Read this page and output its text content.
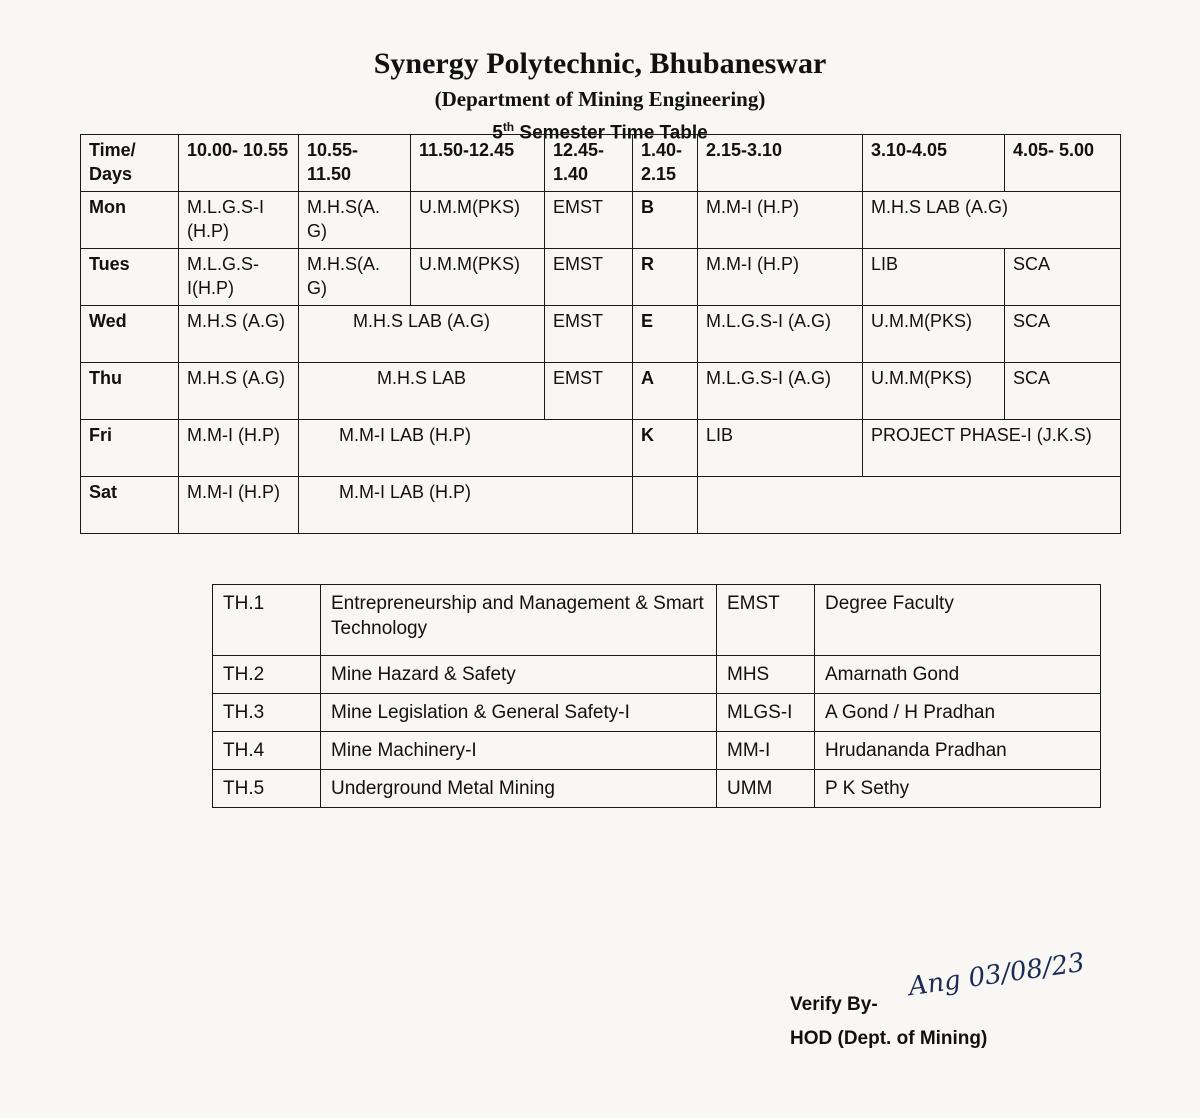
Synergy Polytechnic, Bhubaneswar
(Department of Mining Engineering)
5th Semester Time Table
Time/ Days	10.00- 10.55	10.55- 11.50	11.50-12.45	12.45- 1.40	1.40- 2.15	2.15-3.10	3.10-4.05	4.05- 5.00
Mon	M.L.G.S-I (H.P)	M.H.S(A. G)	U.M.M(PKS)	EMST	B	M.M-I (H.P)	M.H.S LAB (A.G)	
Tues	M.L.G.S- I(H.P)	M.H.S(A. G)	U.M.M(PKS)	EMST	R	M.M-I (H.P)	LIB	SCA
Wed	M.H.S (A.G)	M.H.S LAB (A.G)		EMST	E	M.L.G.S-I (A.G)	U.M.M(PKS)	SCA
Thu	M.H.S (A.G)	M.H.S LAB		EMST	A	M.L.G.S-I (A.G)	U.M.M(PKS)	SCA
Fri	M.M-I (H.P)	M.M-I LAB (H.P)			K	LIB	PROJECT PHASE-I (J.K.S)	
Sat	M.M-I (H.P)	M.M-I LAB (H.P)						
TH.1	Entrepreneurship and Management & Smart Technology	EMST	Degree Faculty
TH.2	Mine Hazard & Safety	MHS	Amarnath Gond
TH.3	Mine Legislation & General Safety-I	MLGS-I	A Gond / H Pradhan
TH.4	Mine Machinery-I	MM-I	Hrudananda Pradhan
TH.5	Underground Metal Mining	UMM	P K Sethy
Verify By-
HOD (Dept. of Mining)
Ang 03/08/23
